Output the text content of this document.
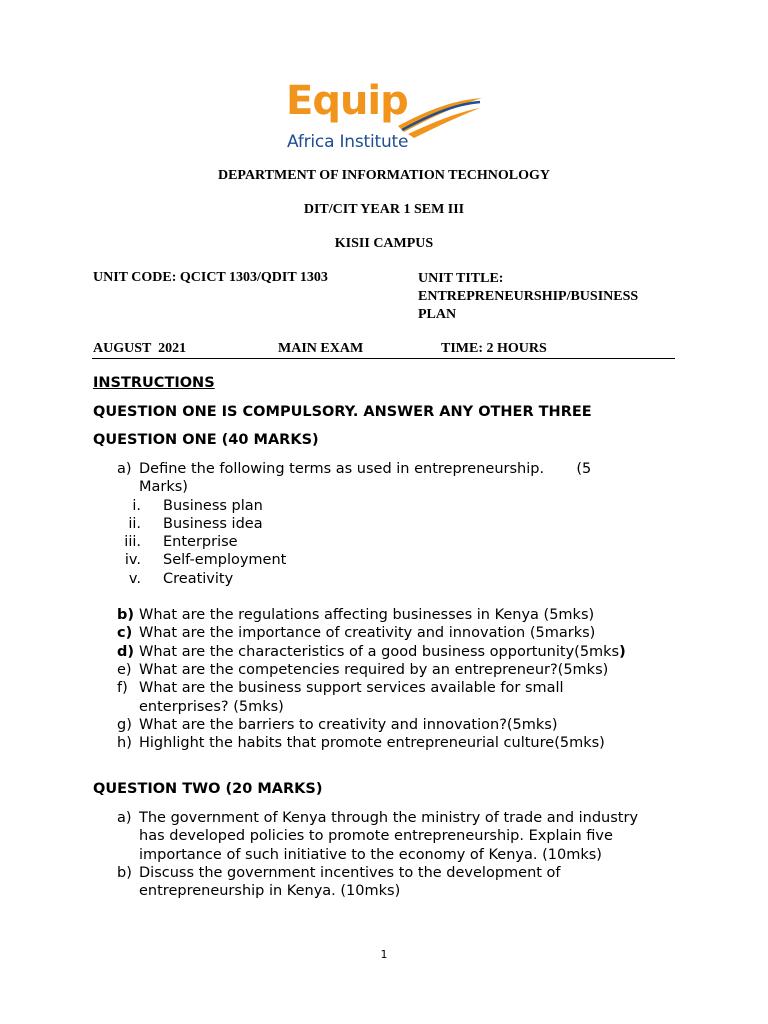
Equip
Africa Institute
DEPARTMENT OF INFORMATION TECHNOLOGY
DIT/CIT YEAR 1 SEM III
KISII CAMPUS
UNIT CODE: QCICT 1303/QDIT 1303	UNIT TITLE:
ENTREPRENEURSHIP/BUSINESS
PLAN
AUGUST  2021	MAIN EXAM	TIME: 2 HOURS
INSTRUCTIONS
QUESTION ONE IS COMPULSORY. ANSWER ANY OTHER THREE
QUESTION ONE (40 MARKS)
a) Define the following terms as used in entrepreneurship.       (5
Marks)
i.	Business plan
ii.	Business idea
iii.	Enterprise
iv.	Self-employment
v.	Creativity
b) What are the regulations affecting businesses in Kenya (5mks)
c) What are the importance of creativity and innovation (5marks)
d) What are the characteristics of a good business opportunity(5mks)
e) What are the competencies required by an entrepreneur?(5mks)
f) What are the business support services available for small
enterprises? (5mks)
g) What are the barriers to creativity and innovation?(5mks)
h) Highlight the habits that promote entrepreneurial culture(5mks)
QUESTION TWO (20 MARKS)
a) The government of Kenya through the ministry of trade and industry
has developed policies to promote entrepreneurship. Explain five
importance of such initiative to the economy of Kenya. (10mks)
b) Discuss the government incentives to the development of
entrepreneurship in Kenya. (10mks)
1
